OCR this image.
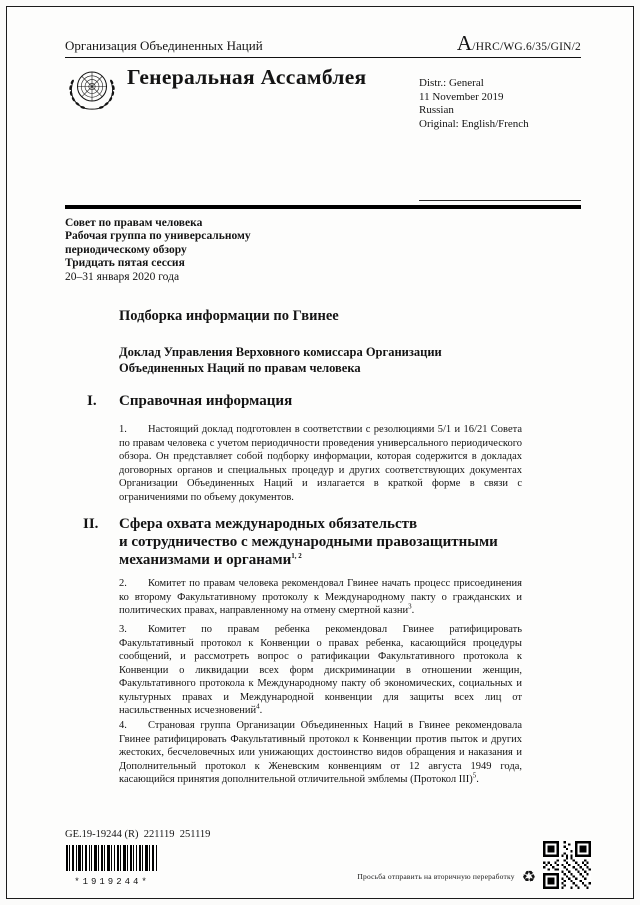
Организация Объединенных Наций	A/HRC/WG.6/35/GIN/2
Генеральная Ассамблея	Distr.: General
11 November 2019
Russian
Original: English/French
Совет по правам человека
Рабочая группа по универсальному
периодическому обзору
Тридцать пятая сессия
20–31 января 2020 года
Подборка информации по Гвинее
Доклад Управления Верховного комиссара Организации Объединенных Наций по правам человека
I. Справочная информация

1. Настоящий доклад подготовлен в соответствии с резолюциями 5/1 и 16/21 Совета по правам человека с учетом периодичности проведения универсального периодического обзора. Он представляет собой подборку информации, которая содержится в докладах договорных органов и специальных процедур и других соответствующих документах Организации Объединенных Наций и излагается в краткой форме в связи с ограничениями по объему документов.

II. Сфера охвата международных обязательств
и сотрудничество с международными правозащитными
механизмами и органами$^{1, 2}$

2. Комитет по правам человека рекомендовал Гвинее начать процесс присоединения ко второму Факультативному протоколу к Международному пакту о гражданских и политических правах, направленному на отмену смертной казни$^3$.

3. Комитет по правам ребенка рекомендовал Гвинее ратифицировать Факультативный протокол к Конвенции о правах ребенка, касающийся процедуры сообщений, и рассмотреть вопрос о ратификации Факультативного протокола к Конвенции о ликвидации всех форм дискриминации в отношении женщин, Факультативного протокола к Международному пакту об экономических, социальных и культурных правах и Международной конвенции для защиты всех лиц от насильственных исчезновений$^4$.

4. Страновая группа Организации Объединенных Наций в Гвинее рекомендовала Гвинее ратифицировать Факультативный протокол к Конвенции против пыток и других жестоких, бесчеловечных или унижающих достоинство видов обращения и наказания и Дополнительный протокол к Женевским конвенциям от 12 августа 1949 года, касающийся принятия дополнительной отличительной эмблемы (Протокол III)$^5$.

GE.19-19244 (R)  221119  251119
*1919244*
Просьба отправить на вторичную переработку ♻
